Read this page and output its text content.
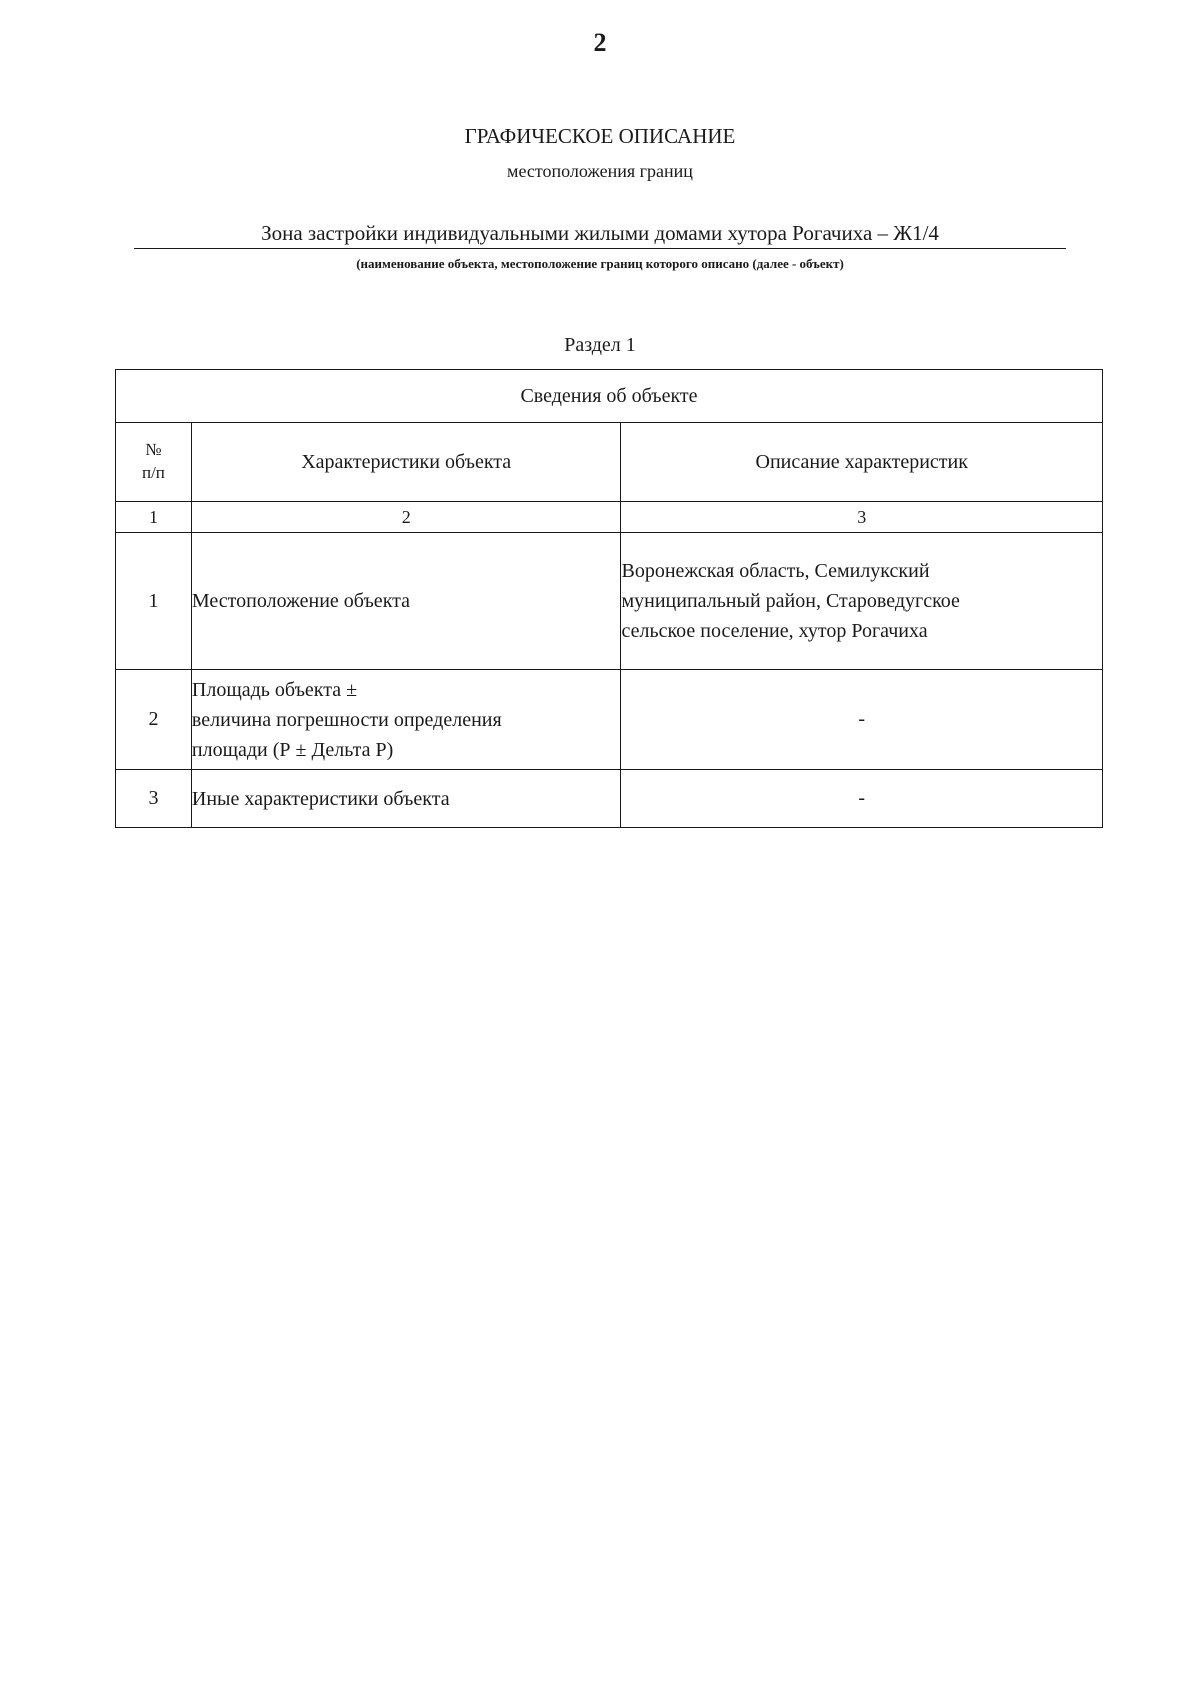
2
ГРАФИЧЕСКОЕ ОПИСАНИЕ
местоположения границ
Зона застройки индивидуальными жилыми домами хутора Рогачиха – Ж1/4
(наименование объекта, местоположение границ которого описано (далее - объект)
Раздел 1
Сведения об объекте		

№
п/п	Характеристики объекта	Описание характеристик
1	2	3
1	Местоположение объекта	Воронежская область, Семилукский
муниципальный район, Староведугское
сельское поселение, хутор Рогачиха

2	Площадь объекта ±
величина погрешности определения
площади (Р ± Дельта Р)	-

3	Иные характеристики объекта	-
